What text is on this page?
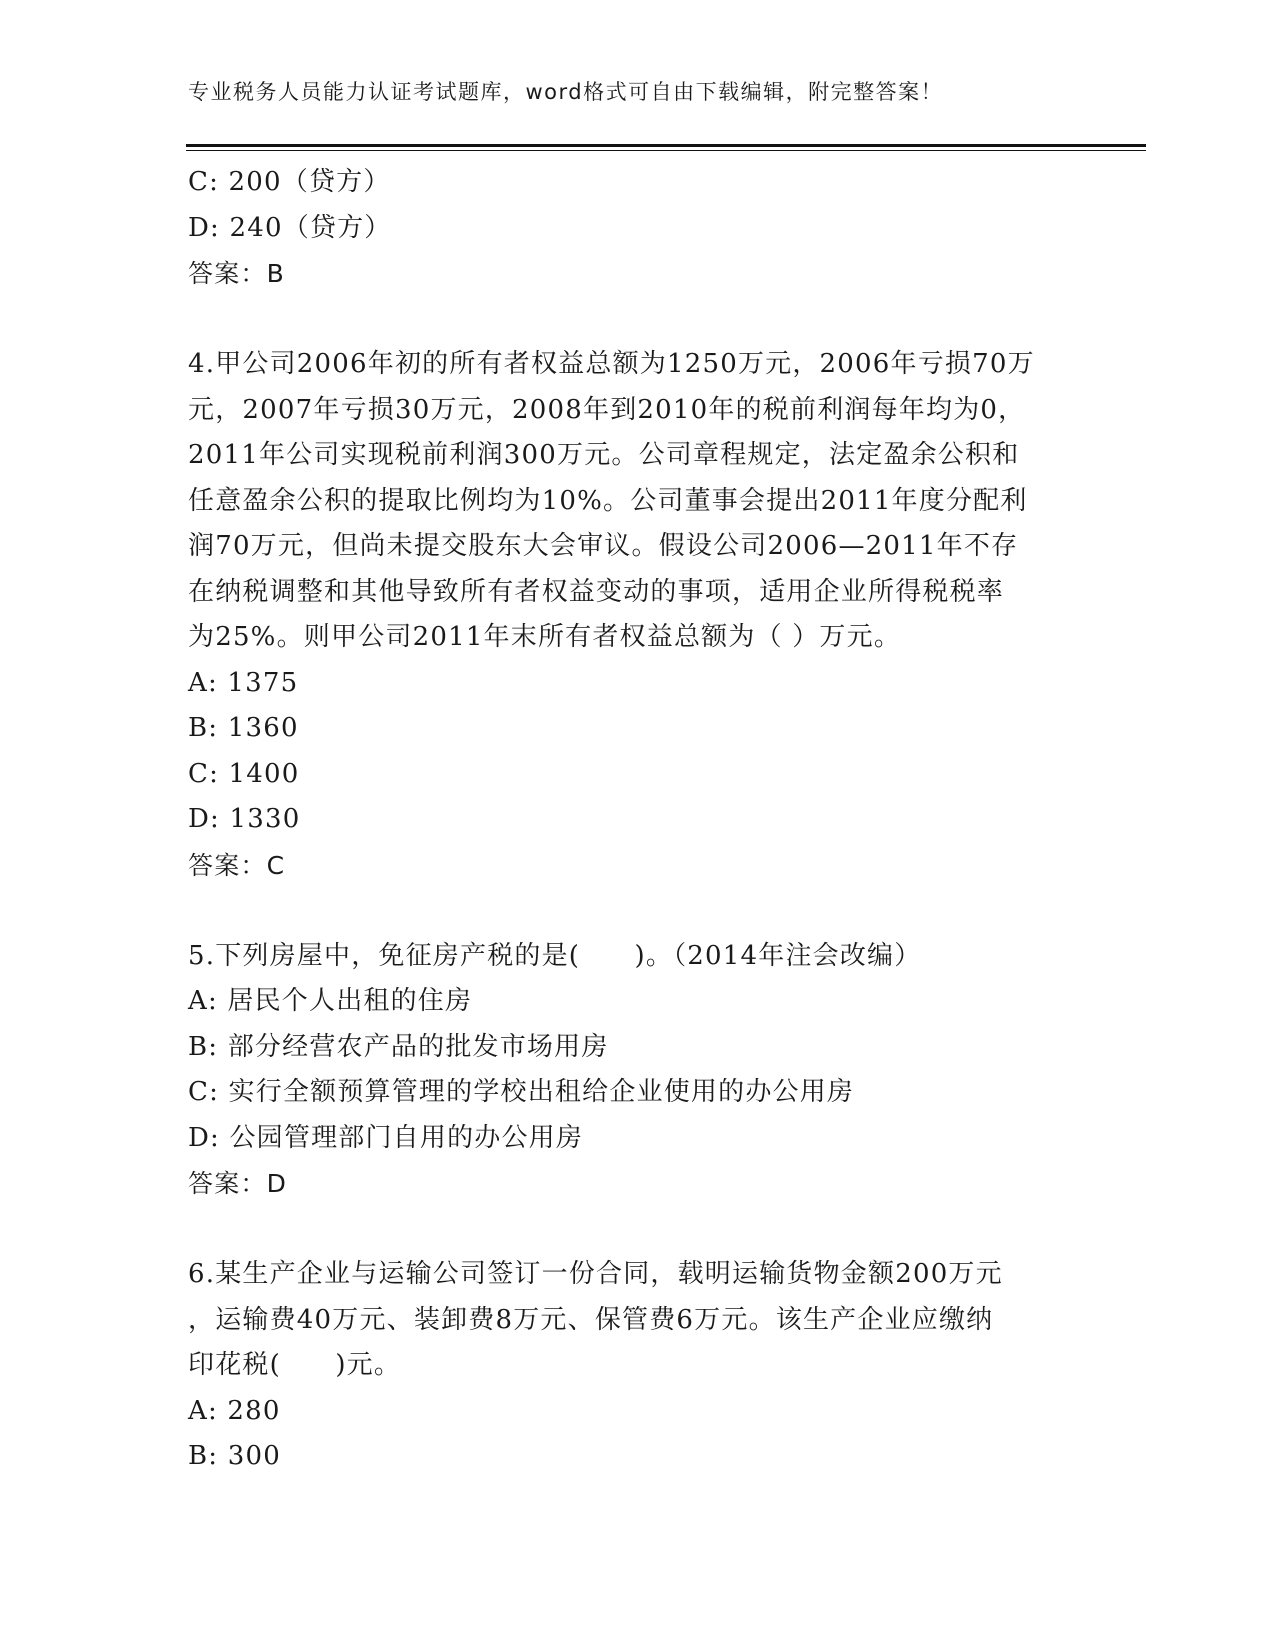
专业税务人员能力认证考试题库，word格式可自由下载编辑，附完整答案！
C: 200（贷方）
D: 240（贷方）
答案：B
4.甲公司2006年初的所有者权益总额为1250万元，2006年亏损70万
元，2007年亏损30万元，2008年到2010年的税前利润每年均为0，
2011年公司实现税前利润300万元。公司章程规定，法定盈余公积和
任意盈余公积的提取比例均为10%。公司董事会提出2011年度分配利
润70万元，但尚未提交股东大会审议。假设公司2006—2011年不存
在纳税调整和其他导致所有者权益变动的事项，适用企业所得税税率
为25%。则甲公司2011年末所有者权益总额为（ ）万元。
A: 1375
B: 1360
C: 1400
D: 1330
答案：C
5.下列房屋中，免征房产税的是(　　)。（2014年注会改编）
A: 居民个人出租的住房
B: 部分经营农产品的批发市场用房
C: 实行全额预算管理的学校出租给企业使用的办公用房
D: 公园管理部门自用的办公用房
答案：D
6.某生产企业与运输公司签订一份合同，载明运输货物金额200万元
，运输费40万元、装卸费8万元、保管费6万元。该生产企业应缴纳
印花税(　　)元。
A: 280
B: 300
